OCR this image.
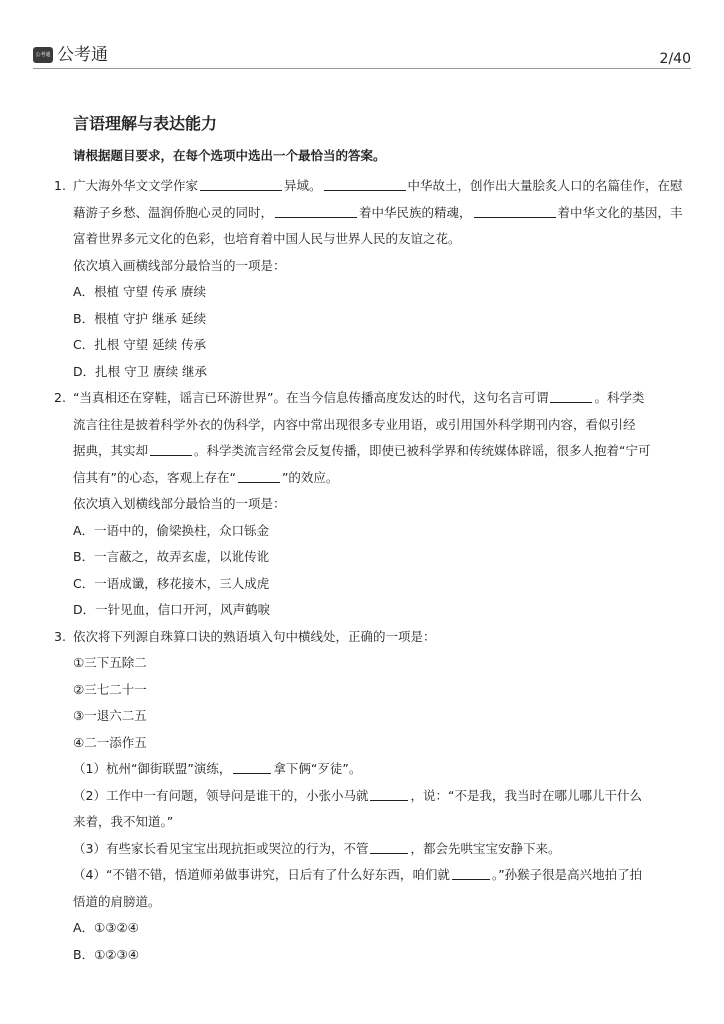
公考通 公考通	2/40
言语理解与表达能力
请根据题目要求，在每个选项中选出一个最恰当的答案。
1. 广大海外华文文学作家	异域。	中华故土，创作出大量脍炙人口的名篇佳作，在慰
藉游子乡愁、温润侨胞心灵的同时，	着中华民族的精魂，	着中华文化的基因，丰
富着世界多元文化的色彩，也培育着中国人民与世界人民的友谊之花。
依次填入画横线部分最恰当的一项是：
A．根植 守望 传承 赓续
B．根植 守护 继承 延续
C．扎根 守望 延续 传承
D．扎根 守卫 赓续 继承
2. “当真相还在穿鞋，谣言已环游世界”。在当今信息传播高度发达的时代，这句名言可谓	。科学类
流言往往是披着科学外衣的伪科学，内容中常出现很多专业用语，或引用国外科学期刊内容，看似引经
据典，其实却	。科学类流言经常会反复传播，即使已被科学界和传统媒体辟谣，很多人抱着“宁可
信其有”的心态，客观上存在“	”的效应。
依次填入划横线部分最恰当的一项是：
A．一语中的，偷梁换柱，众口铄金
B．一言蔽之，故弄玄虚，以讹传讹
C．一语成谶，移花接木，三人成虎
D．一针见血，信口开河，风声鹤唳
3. 依次将下列源自珠算口诀的熟语填入句中横线处，正确的一项是：
①三下五除二
②三七二十一
③一退六二五
④二一添作五
（1）杭州“御街联盟”演练，	拿下俩“歹徒”。
（2）工作中一有问题，领导问是谁干的，小张小马就	，说：“不是我，我当时在哪儿哪儿干什么
来着，我不知道。”
（3）有些家长看见宝宝出现抗拒或哭泣的行为，不管	，都会先哄宝宝安静下来。
（4）“不错不错，悟道师弟做事讲究，日后有了什么好东西，咱们就	。”孙猴子很是高兴地拍了拍
悟道的肩膀道。
A．①③②④
B．①②③④
